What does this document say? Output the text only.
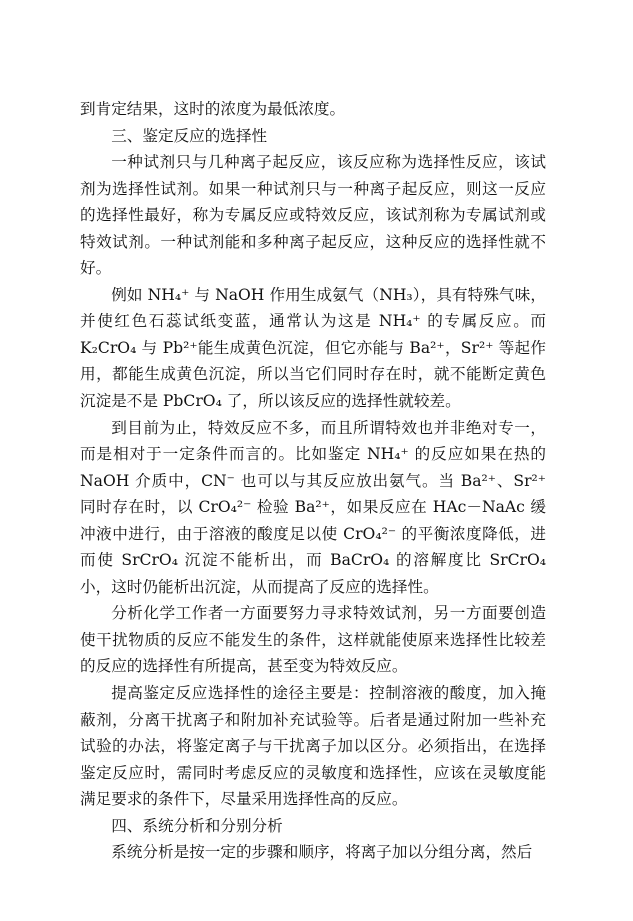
到肯定结果，这时的浓度为最低浓度。

三、鉴定反应的选择性

一种试剂只与几种离子起反应，该反应称为选择性反应，该试剂为选择性试剂。如果一种试剂只与一种离子起反应，则这一反应的选择性最好，称为专属反应或特效反应，该试剂称为专属试剂或特效试剂。一种试剂能和多种离子起反应，这种反应的选择性就不好。

例如 NH₄⁺ 与 NaOH 作用生成氨气（NH₃），具有特殊气味，并使红色石蕊试纸变蓝，通常认为这是 NH₄⁺ 的专属反应。而 K₂CrO₄ 与 Pb²⁺能生成黄色沉淀，但它亦能与 Ba²⁺，Sr²⁺ 等起作用，都能生成黄色沉淀，所以当它们同时存在时，就不能断定黄色沉淀是不是 PbCrO₄ 了，所以该反应的选择性就较差。

到目前为止，特效反应不多，而且所谓特效也并非绝对专一，而是相对于一定条件而言的。比如鉴定 NH₄⁺ 的反应如果在热的 NaOH 介质中，CN⁻ 也可以与其反应放出氨气。当 Ba²⁺、Sr²⁺ 同时存在时，以 CrO₄²⁻ 检验 Ba²⁺，如果反应在 HAc－NaAc 缓冲液中进行，由于溶液的酸度足以使 CrO₄²⁻ 的平衡浓度降低，进而使 SrCrO₄ 沉淀不能析出，而 BaCrO₄ 的溶解度比 SrCrO₄ 小，这时仍能析出沉淀，从而提高了反应的选择性。

分析化学工作者一方面要努力寻求特效试剂，另一方面要创造使干扰物质的反应不能发生的条件，这样就能使原来选择性比较差的反应的选择性有所提高，甚至变为特效反应。

提高鉴定反应选择性的途径主要是：控制溶液的酸度，加入掩蔽剂，分离干扰离子和附加补充试验等。后者是通过附加一些补充试验的办法，将鉴定离子与干扰离子加以区分。必须指出，在选择鉴定反应时，需同时考虑反应的灵敏度和选择性，应该在灵敏度能满足要求的条件下，尽量采用选择性高的反应。

四、系统分析和分别分析

系统分析是按一定的步骤和顺序，将离子加以分组分离，然后
